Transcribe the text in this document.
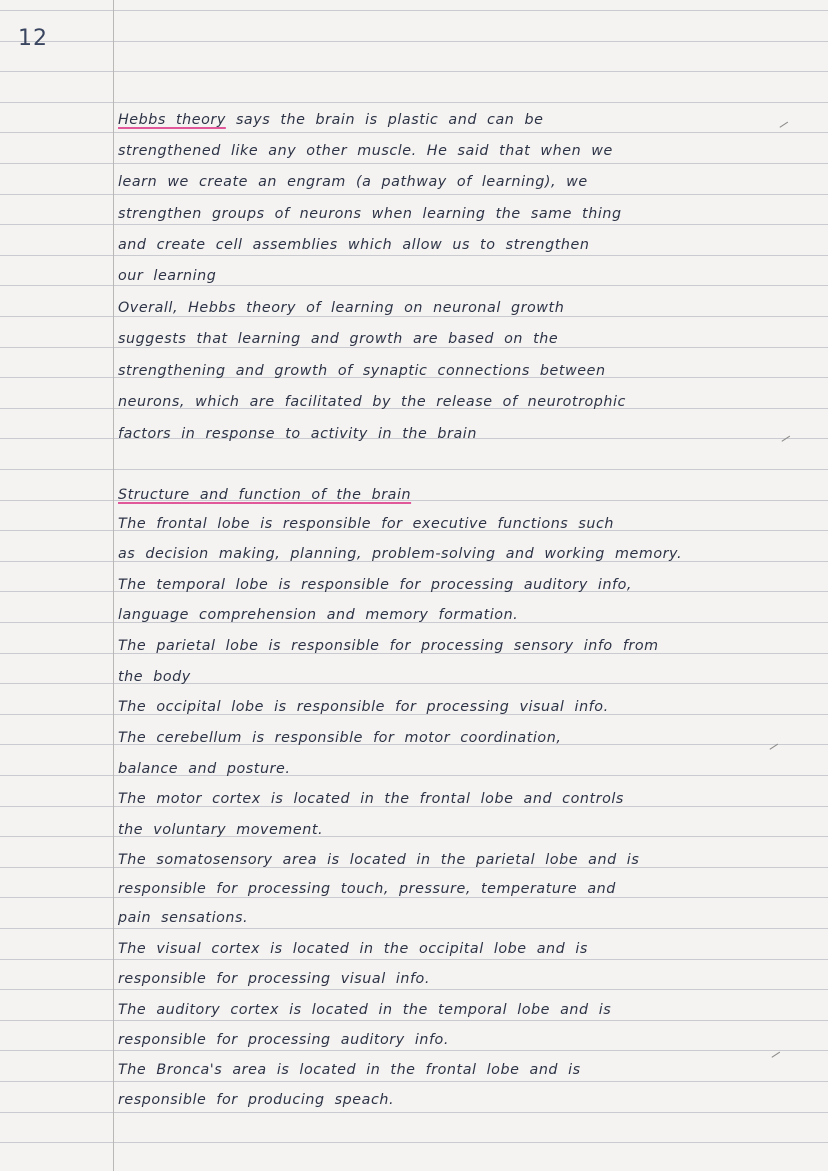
12
Hebbs theory says the brain is plastic and can be
strengthened like any other muscle. He said that when we
learn we create an engram (a pathway of learning), we
strengthen groups of neurons when learning the same thing
and create cell assemblies which allow us to strengthen
our learning
Overall, Hebbs theory of learning on neuronal growth
suggests that learning and growth are based on the
strengthening and growth of synaptic connections between
neurons, which are facilitated by the release of neurotrophic
factors in response to activity in the brain
Structure and function of the brain
The frontal lobe is responsible for executive functions such
as decision making, planning, problem-solving and working memory.
The temporal lobe is responsible for processing auditory info,
language comprehension and memory formation.
The parietal lobe is responsible for processing sensory info from
the body
The occipital lobe is responsible for processing visual info.
The cerebellum is responsible for motor coordination,
balance and posture.
The motor cortex is located in the frontal lobe and controls
the voluntary movement.
The somatosensory area is located in the parietal lobe and is
responsible for processing touch, pressure, temperature and
pain sensations.
The visual cortex is located in the occipital lobe and is
responsible for processing visual info.
The auditory cortex is located in the temporal lobe and is
responsible for processing auditory info.
The Bronca's area is located in the frontal lobe and is
responsible for producing speach.
⸝
⸝
⸝
⸝
